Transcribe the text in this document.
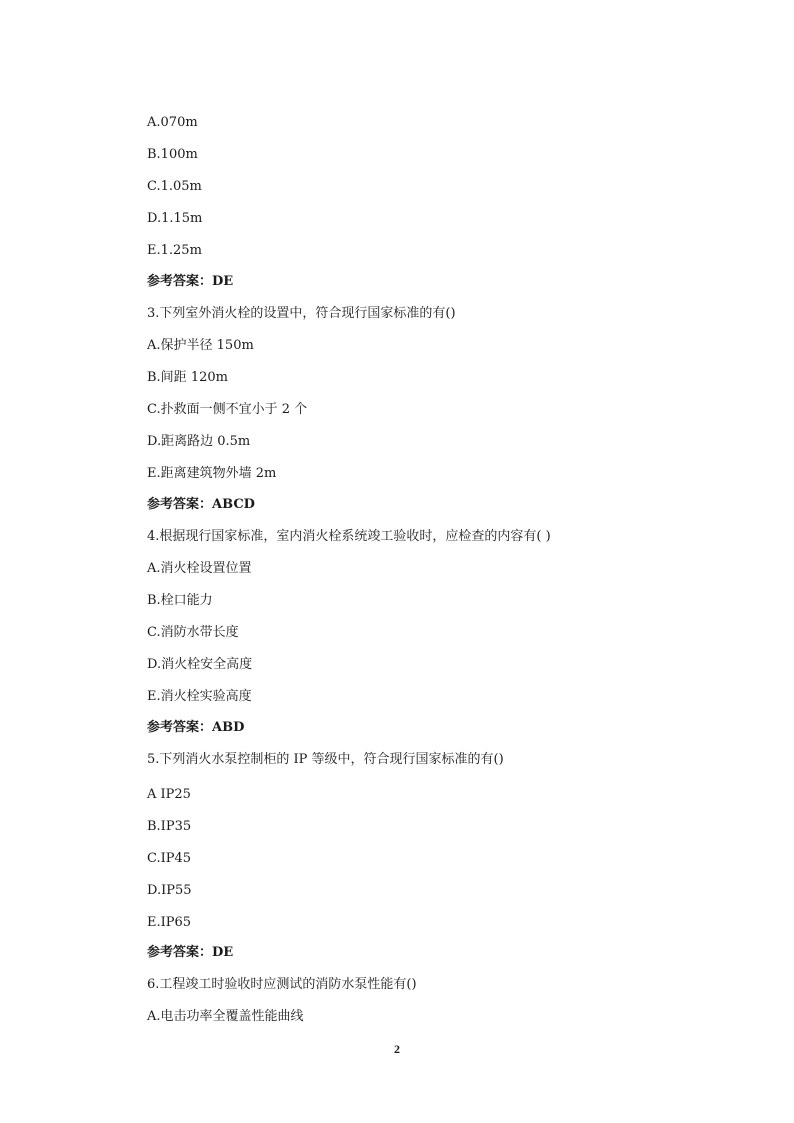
A.070m
B.100m
C.1.05m
D.1.15m
E.1.25m
参考答案：DE
3.下列室外消火栓的设置中，符合现行国家标准的有()
A.保护半径 150m
B.间距 120m
C.扑救面一侧不宜小于 2 个
D.距离路边 0.5m
E.距离建筑物外墙 2m
参考答案：ABCD
4.根据现行国家标准，室内消火栓系统竣工验收时，应检查的内容有( )
A.消火栓设置位置
B.栓口能力
C.消防水带长度
D.消火栓安全高度
E.消火栓实验高度
参考答案：ABD
5.下列消火水泵控制柜的 IP 等级中，符合现行国家标准的有()
A IP25
B.IP35
C.IP45
D.IP55
E.IP65
参考答案：DE
6.工程竣工时验收时应测试的消防水泵性能有()
A.电击功率全覆盖性能曲线
2
